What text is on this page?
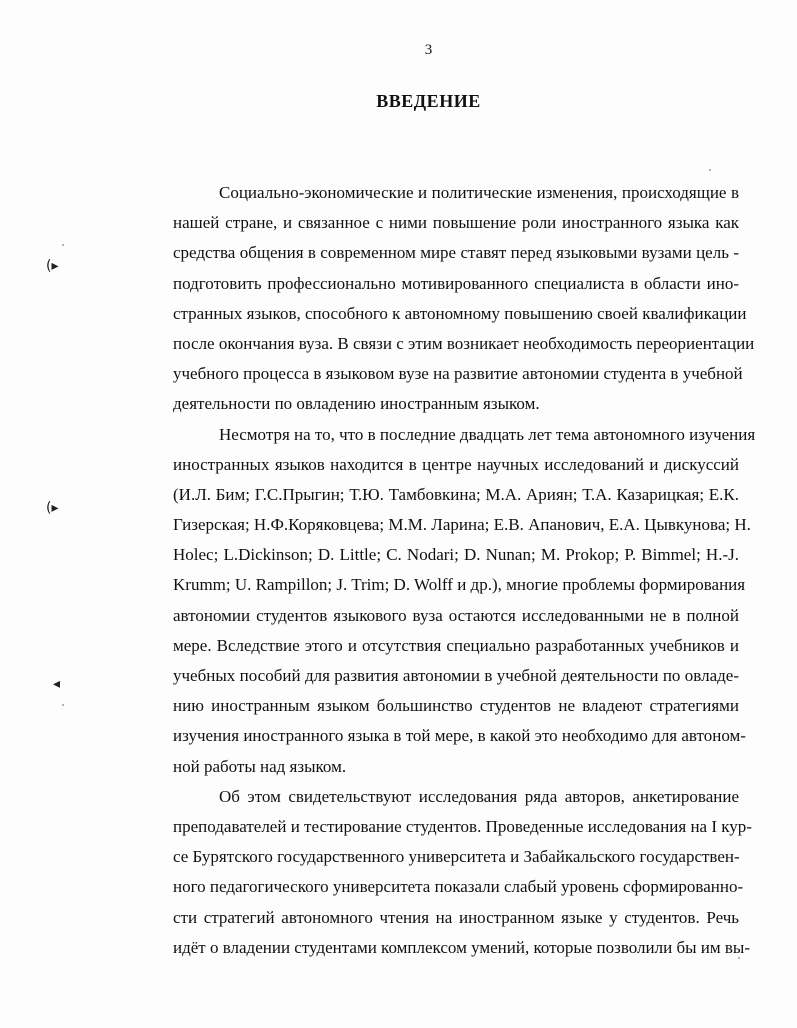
3
ВВЕДЕНИЕ
Социально-экономические и политические изменения, происходящие в
нашей стране, и связанное с ними повышение роли иностранного языка как
средства общения в современном мире ставят перед языковыми вузами цель -
подготовить профессионально мотивированного специалиста в области ино-
странных языков, способного к автономному повышению своей квалификации
после окончания вуза. В связи с этим возникает необходимость переориентации
учебного процесса в языковом вузе на развитие автономии студента в учебной
деятельности по овладению иностранным языком.
Несмотря на то, что в последние двадцать лет тема автономного изучения
иностранных языков находится в центре научных исследований и дискуссий
(И.Л. Бим; Г.С.Прыгин; Т.Ю. Тамбовкина; М.А. Ариян; Т.А. Казарицкая; Е.К.
Гизерская; Н.Ф.Коряковцева; М.М. Ларина; Е.В. Апанович, Е.А. Цывкунова; H.
Holec; L.Dickinson; D. Little; C. Nodari; D. Nunan; M. Prokop; P. Bimmel; H.-J.
Krumm; U. Rampillon; J. Trim; D. Wolff и др.), многие проблемы формирования
автономии студентов языкового вуза остаются исследованными не в полной
мере. Вследствие этого и отсутствия специально разработанных учебников и
учебных пособий для развития автономии в учебной деятельности по овладе-
нию иностранным языком большинство студентов не владеют стратегиями
изучения иностранного языка в той мере, в какой это необходимо для автоном-
ной работы над языком.
Об этом свидетельствуют исследования ряда авторов, анкетирование
преподавателей и тестирование студентов. Проведенные исследования на I кур-
се Бурятского государственного университета и Забайкальского государствен-
ного педагогического университета показали слабый уровень сформированно-
сти стратегий автономного чтения на иностранном языке у студентов. Речь
идёт о владении студентами комплексом умений, которые позволили бы им вы-
(▸
(▸
◂
